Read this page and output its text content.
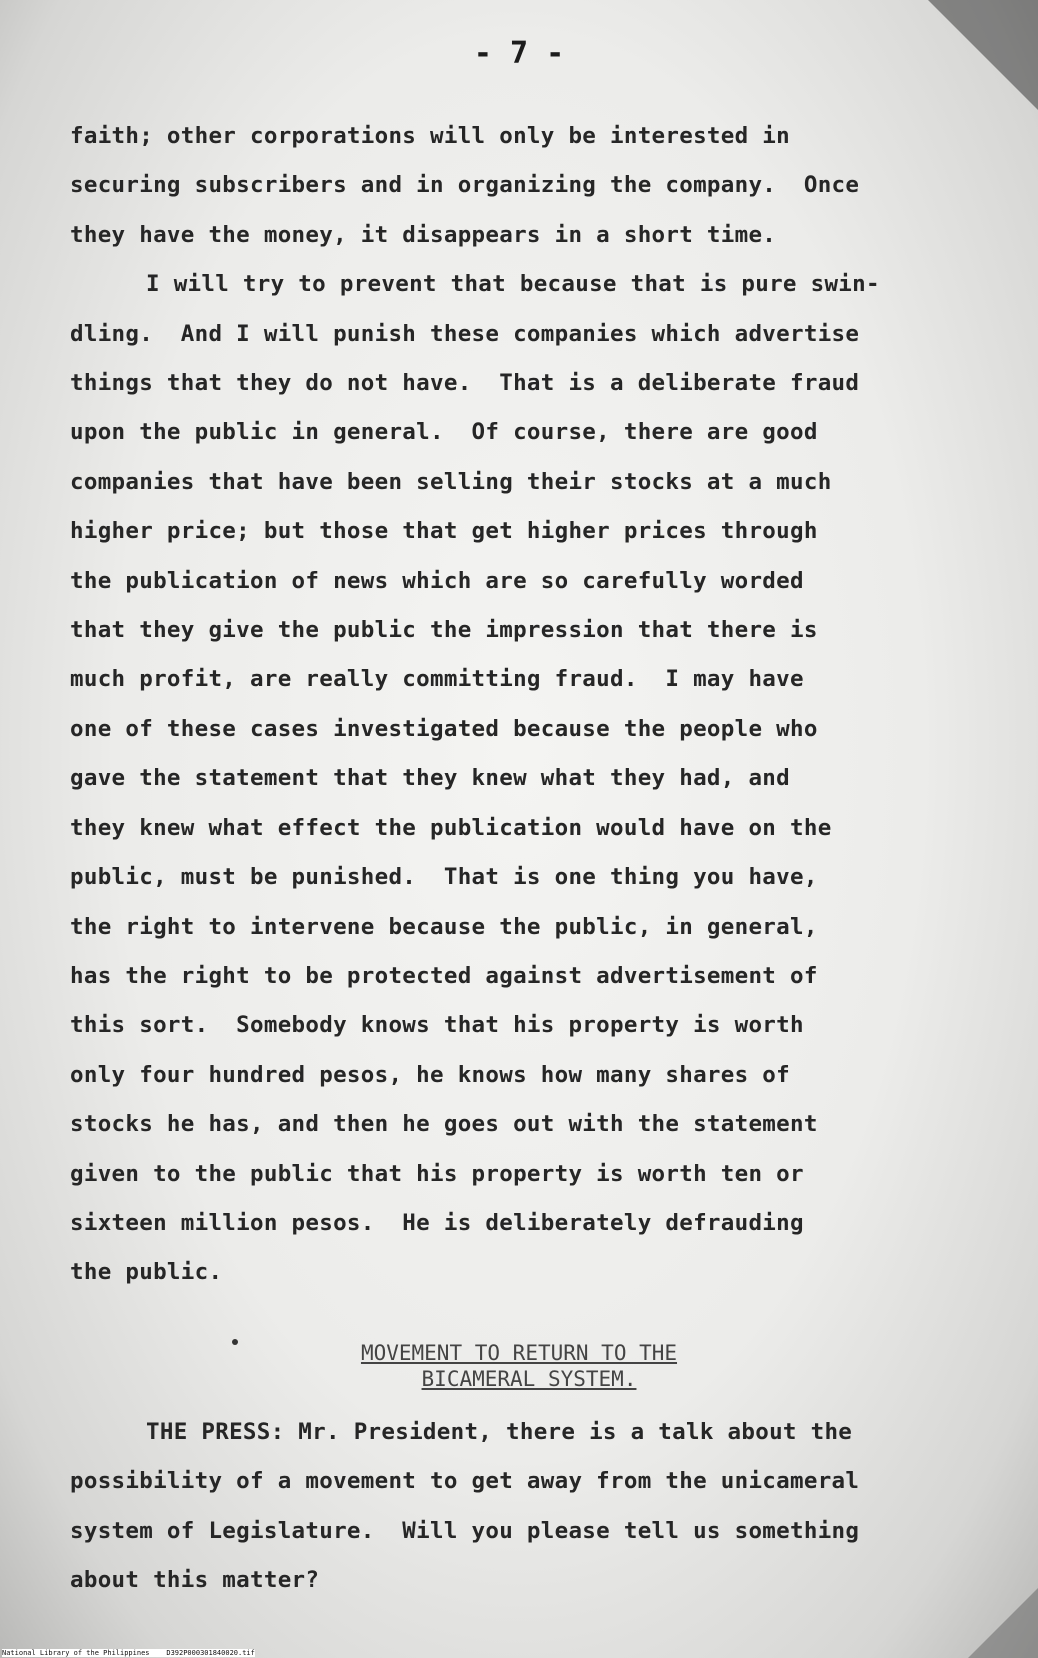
- 7 -
faith; other corporations will only be interested in
securing subscribers and in organizing the company.  Once
they have the money, it disappears in a short time.
I will try to prevent that because that is pure swin-
dling.  And I will punish these companies which advertise
things that they do not have.  That is a deliberate fraud
upon the public in general.  Of course, there are good
companies that have been selling their stocks at a much
higher price; but those that get higher prices through
the publication of news which are so carefully worded
that they give the public the impression that there is
much profit, are really committing fraud.  I may have
one of these cases investigated because the people who
gave the statement that they knew what they had, and
they knew what effect the publication would have on the
public, must be punished.  That is one thing you have,
the right to intervene because the public, in general,
has the right to be protected against advertisement of
this sort.  Somebody knows that his property is worth
only four hundred pesos, he knows how many shares of
stocks he has, and then he goes out with the statement
given to the public that his property is worth ten or
sixteen million pesos.  He is deliberately defrauding
the public.
MOVEMENT TO RETURN TO THE
BICAMERAL SYSTEM.
THE PRESS: Mr. President, there is a talk about the
possibility of a movement to get away from the unicameral
system of Legislature.  Will you please tell us something
about this matter?
National Library of the Philippines    D392P000301840020.tif
